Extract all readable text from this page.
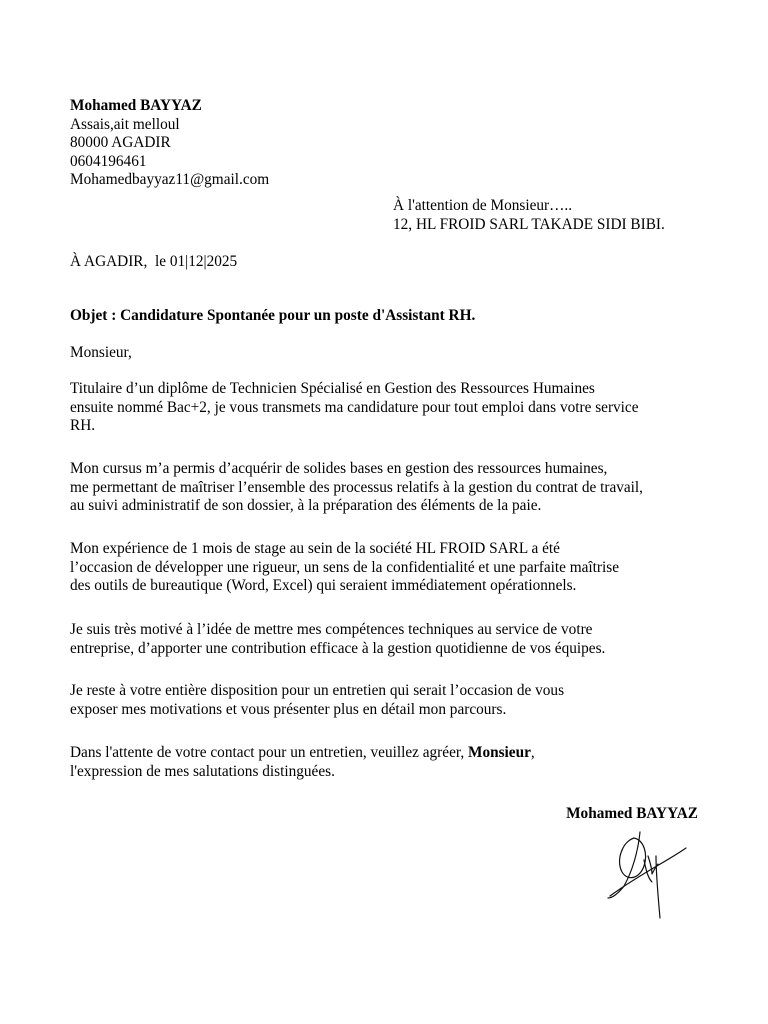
Mohamed BAYYAZ
Assais,ait melloul
80000 AGADIR
0604196461
Mohamedbayyaz11@gmail.com
À l'attention de Monsieur…..
12, HL FROID SARL TAKADE SIDI BIBI.
À AGADIR,  le 01|12|2025
Objet : Candidature Spontanée pour un poste d'Assistant RH.
Monsieur,
Titulaire d’un diplôme de Technicien Spécialisé en Gestion des Ressources Humaines
ensuite nommé Bac+2, je vous transmets ma candidature pour tout emploi dans votre service
RH.
Mon cursus m’a permis d’acquérir de solides bases en gestion des ressources humaines,
me permettant de maîtriser l’ensemble des processus relatifs à la gestion du contrat de travail,
au suivi administratif de son dossier, à la préparation des éléments de la paie.
Mon expérience de 1 mois de stage au sein de la société HL FROID SARL a été
l’occasion de développer une rigueur, un sens de la confidentialité et une parfaite maîtrise
des outils de bureautique (Word, Excel) qui seraient immédiatement opérationnels.
Je suis très motivé à l’idée de mettre mes compétences techniques au service de votre
entreprise, d’apporter une contribution efficace à la gestion quotidienne de vos équipes.
Je reste à votre entière disposition pour un entretien qui serait l’occasion de vous
exposer mes motivations et vous présenter plus en détail mon parcours.
Dans l'attente de votre contact pour un entretien, veuillez agréer, Monsieur,
l'expression de mes salutations distinguées.
Mohamed BAYYAZ
